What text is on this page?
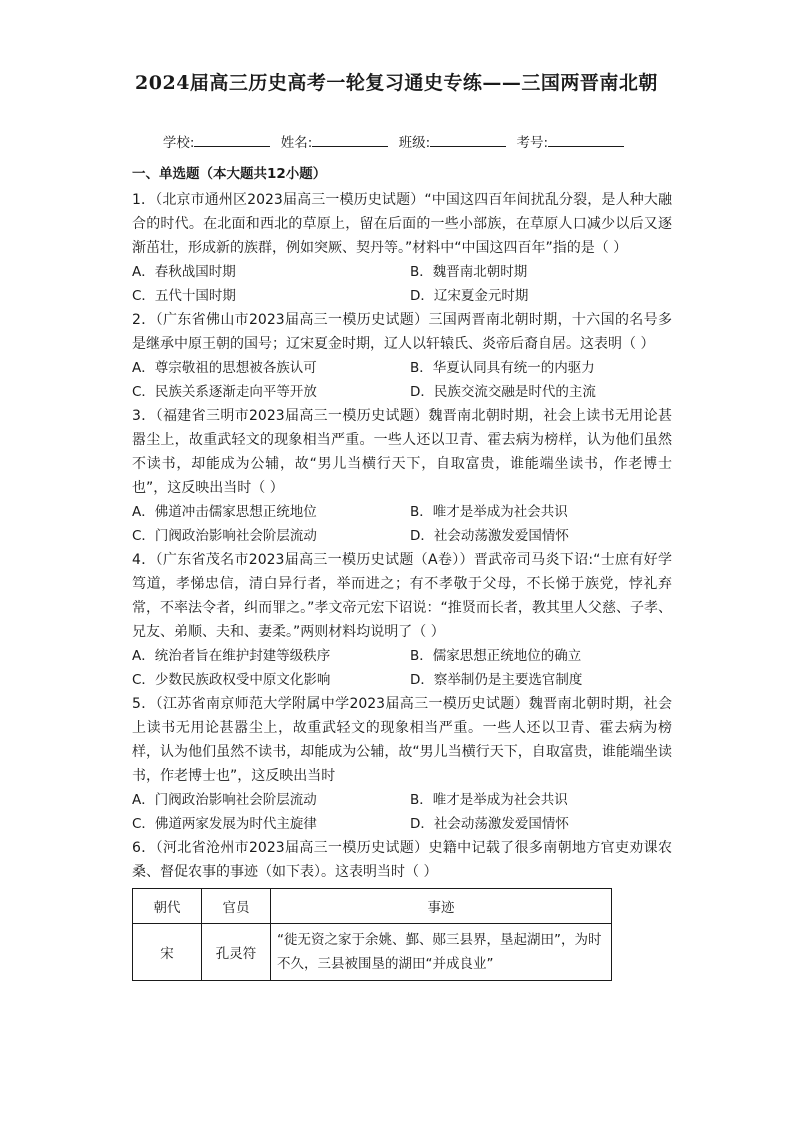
2024届高三历史高考一轮复习通史专练——三国两晋南北朝
学校:	姓名:	班级:	考号:
一、单选题（本大题共12小题）
1．（北京市通州区2023届高三一模历史试题）“中国这四百年间扰乱分裂，是人种大融合的时代。在北面和西北的草原上，留在后面的一些小部族，在草原人口减少以后又逐渐茁壮，形成新的族群，例如突厥、契丹等。”材料中“中国这四百年”指的是（ ）
A．春秋战国时期	B．魏晋南北朝时期
C．五代十国时期	D．辽宋夏金元时期
2．（广东省佛山市2023届高三一模历史试题）三国两晋南北朝时期，十六国的名号多是继承中原王朝的国号；辽宋夏金时期，辽人以轩辕氏、炎帝后裔自居。这表明（ ）
A．尊宗敬祖的思想被各族认可	B．华夏认同具有统一的内驱力
C．民族关系逐渐走向平等开放	D．民族交流交融是时代的主流
3．（福建省三明市2023届高三一模历史试题）魏晋南北朝时期，社会上读书无用论甚嚣尘上，故重武轻文的现象相当严重。一些人还以卫青、霍去病为榜样，认为他们虽然不读书，却能成为公辅，故“男儿当横行天下，自取富贵，谁能端坐读书，作老博士也”，这反映出当时（ ）
A．佛道冲击儒家思想正统地位	B．唯才是举成为社会共识
C．门阀政治影响社会阶层流动	D．社会动荡激发爱国情怀
4．（广东省茂名市2023届高三一模历史试题（A卷））晋武帝司马炎下诏:“士庶有好学笃道，孝悌忠信，清白异行者，举而进之；有不孝敬于父母，不长悌于族党，悖礼弃常，不率法令者，纠而罪之。”孝文帝元宏下诏说：“推贤而长者，教其里人父慈、子孝、兄友、弟顺、夫和、妻柔。”两则材料均说明了（ ）
A．统治者旨在维护封建等级秩序	B．儒家思想正统地位的确立
C．少数民族政权受中原文化影响	D．察举制仍是主要选官制度
5．（江苏省南京师范大学附属中学2023届高三一模历史试题）魏晋南北朝时期，社会上读书无用论甚嚣尘上，故重武轻文的现象相当严重。一些人还以卫青、霍去病为榜样，认为他们虽然不读书，却能成为公辅，故“男儿当横行天下，自取富贵，谁能端坐读书，作老博士也”，这反映出当时
A．门阀政治影响社会阶层流动	B．唯才是举成为社会共识
C．佛道两家发展为时代主旋律	D．社会动荡激发爱国情怀
6．（河北省沧州市2023届高三一模历史试题）史籍中记载了很多南朝地方官吏劝课农桑、督促农事的事迹（如下表）。这表明当时（ ）
朝代	官员	事迹
宋	孔灵符	“徙无资之家于余姚、鄞、郧三县界，垦起湖田”，为时不久，三县被围垦的湖田“并成良业”
